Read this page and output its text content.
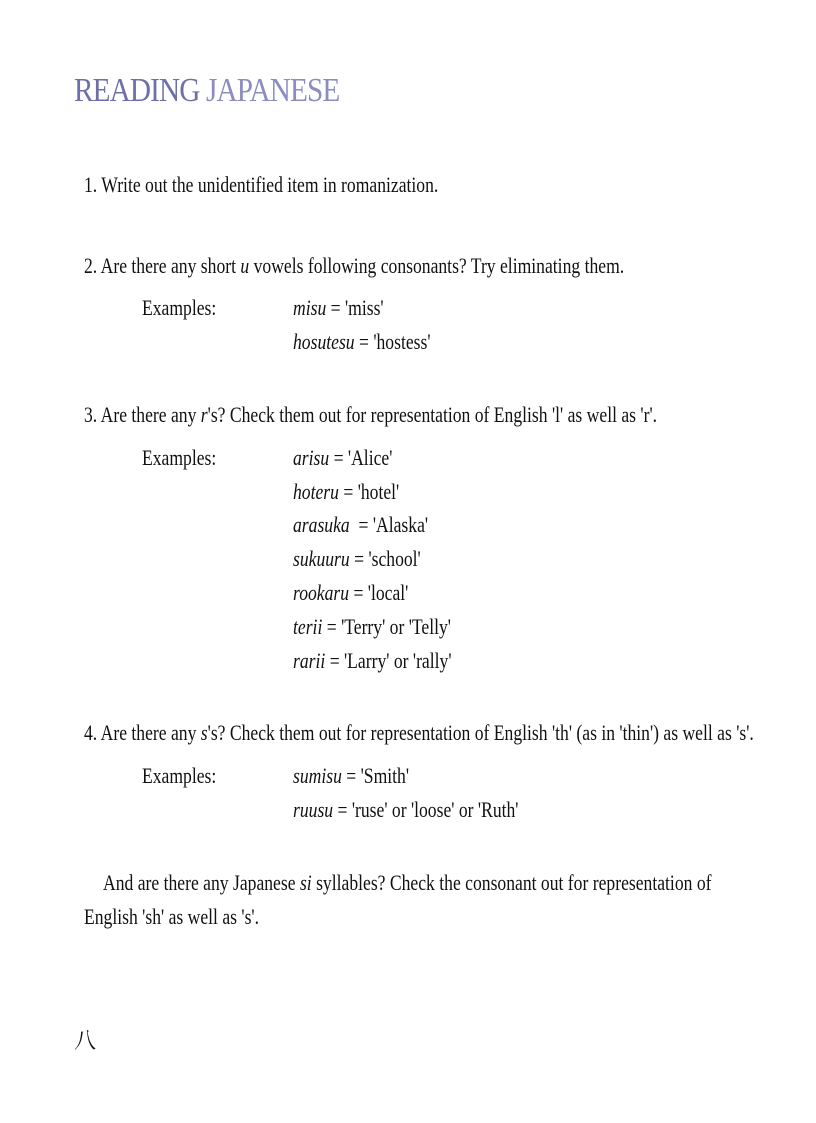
READING JAPANESE
1. Write out the unidentified item in romanization.
2. Are there any short u vowels following consonants? Try eliminating them.
Examples:	misu = 'miss'
hosutesu = 'hostess'
3. Are there any r's? Check them out for representation of English 'l' as well as 'r'.
Examples:	arisu = 'Alice'
hoteru = 'hotel'
arasuka  = 'Alaska'
sukuuru = 'school'
rookaru = 'local'
terii = 'Terry' or 'Telly'
rarii = 'Larry' or 'rally'
4. Are there any s's? Check them out for representation of English 'th' (as in 'thin') as well as 's'.
Examples:	sumisu = 'Smith'
ruusu = 'ruse' or 'loose' or 'Ruth'
And are there any Japanese si syllables? Check the consonant out for representation of
English 'sh' as well as 's'.
八
